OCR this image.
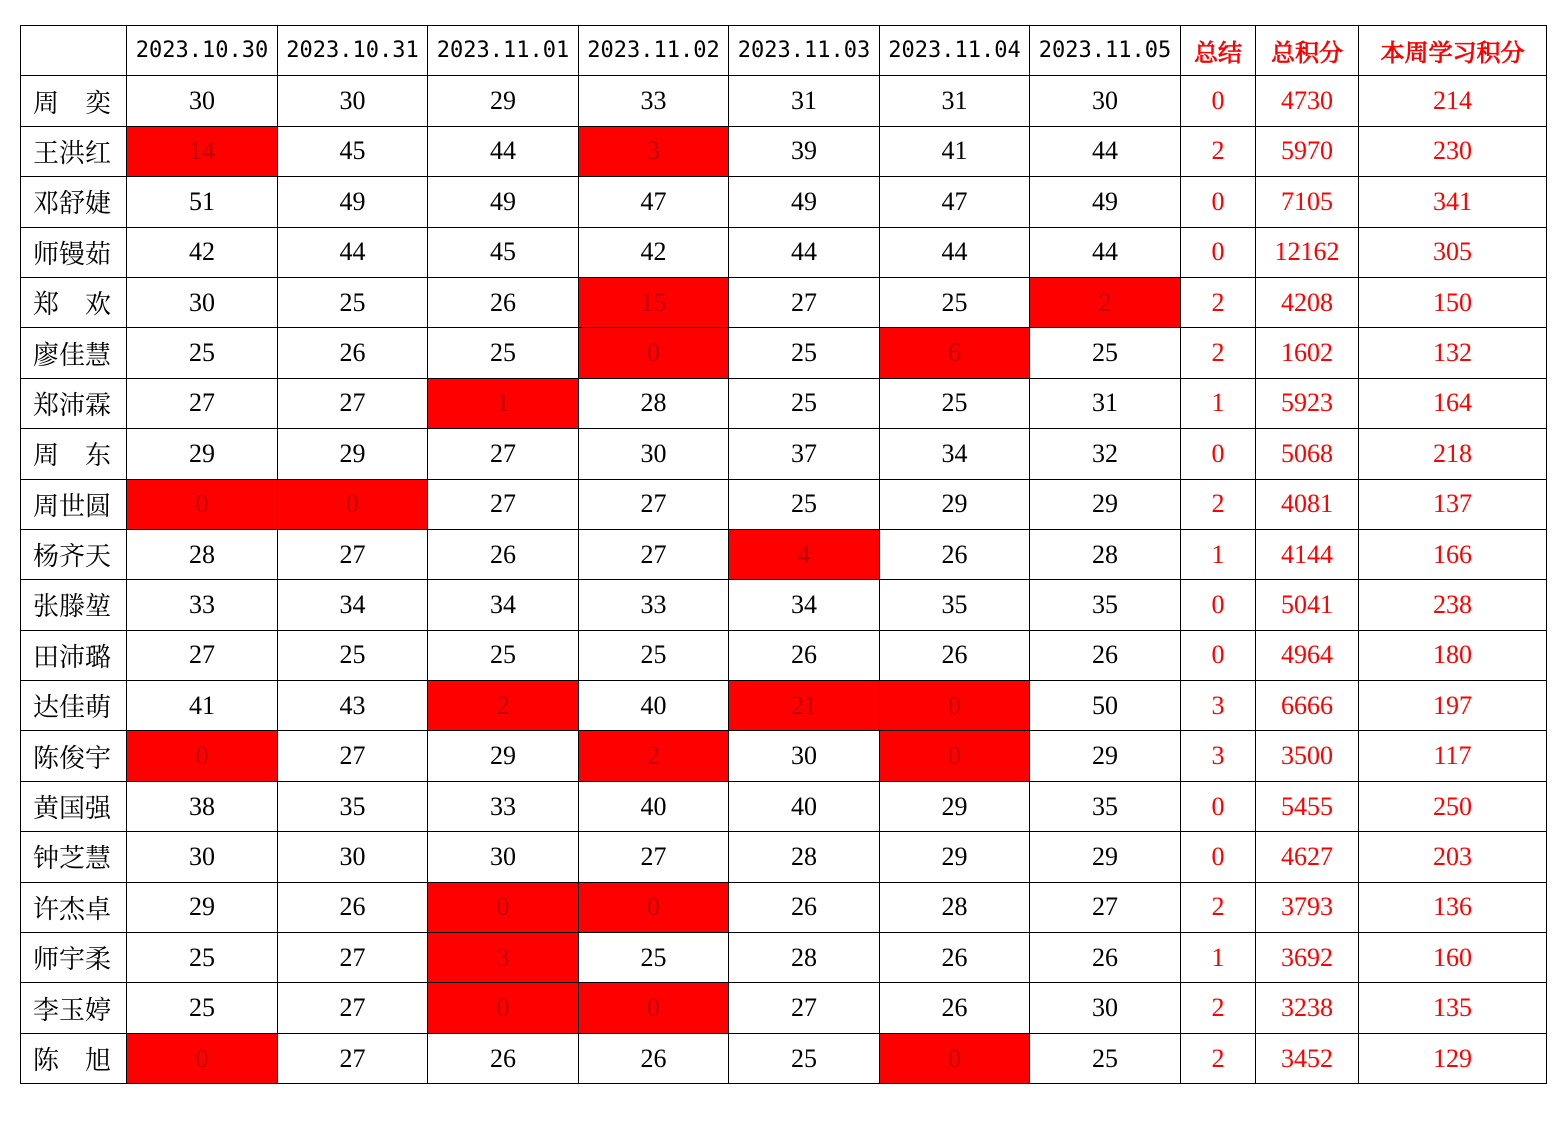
	2023.10.30	2023.10.31	2023.11.01	2023.11.02	2023.11.03	2023.11.04	2023.11.05	总结	总积分	本周学习积分
周　奕	30	30	29	33	31	31	30	0	4730	214
王洪红	14	45	44	3	39	41	44	2	5970	230
邓舒婕	51	49	49	47	49	47	49	0	7105	341
师镘茹	42	44	45	42	44	44	44	0	12162	305
郑　欢	30	25	26	15	27	25	2	2	4208	150
廖佳慧	25	26	25	0	25	6	25	2	1602	132
郑沛霖	27	27	1	28	25	25	31	1	5923	164
周　东	29	29	27	30	37	34	32	0	5068	218
周世圆	0	0	27	27	25	29	29	2	4081	137
杨齐天	28	27	26	27	4	26	28	1	4144	166
张滕堃	33	34	34	33	34	35	35	0	5041	238
田沛璐	27	25	25	25	26	26	26	0	4964	180
达佳萌	41	43	2	40	21	0	50	3	6666	197
陈俊宇	0	27	29	2	30	0	29	3	3500	117
黄国强	38	35	33	40	40	29	35	0	5455	250
钟芝慧	30	30	30	27	28	29	29	0	4627	203
许杰卓	29	26	0	0	26	28	27	2	3793	136
师宇柔	25	27	3	25	28	26	26	1	3692	160
李玉婷	25	27	0	0	27	26	30	2	3238	135
陈　旭	0	27	26	26	25	0	25	2	3452	129
